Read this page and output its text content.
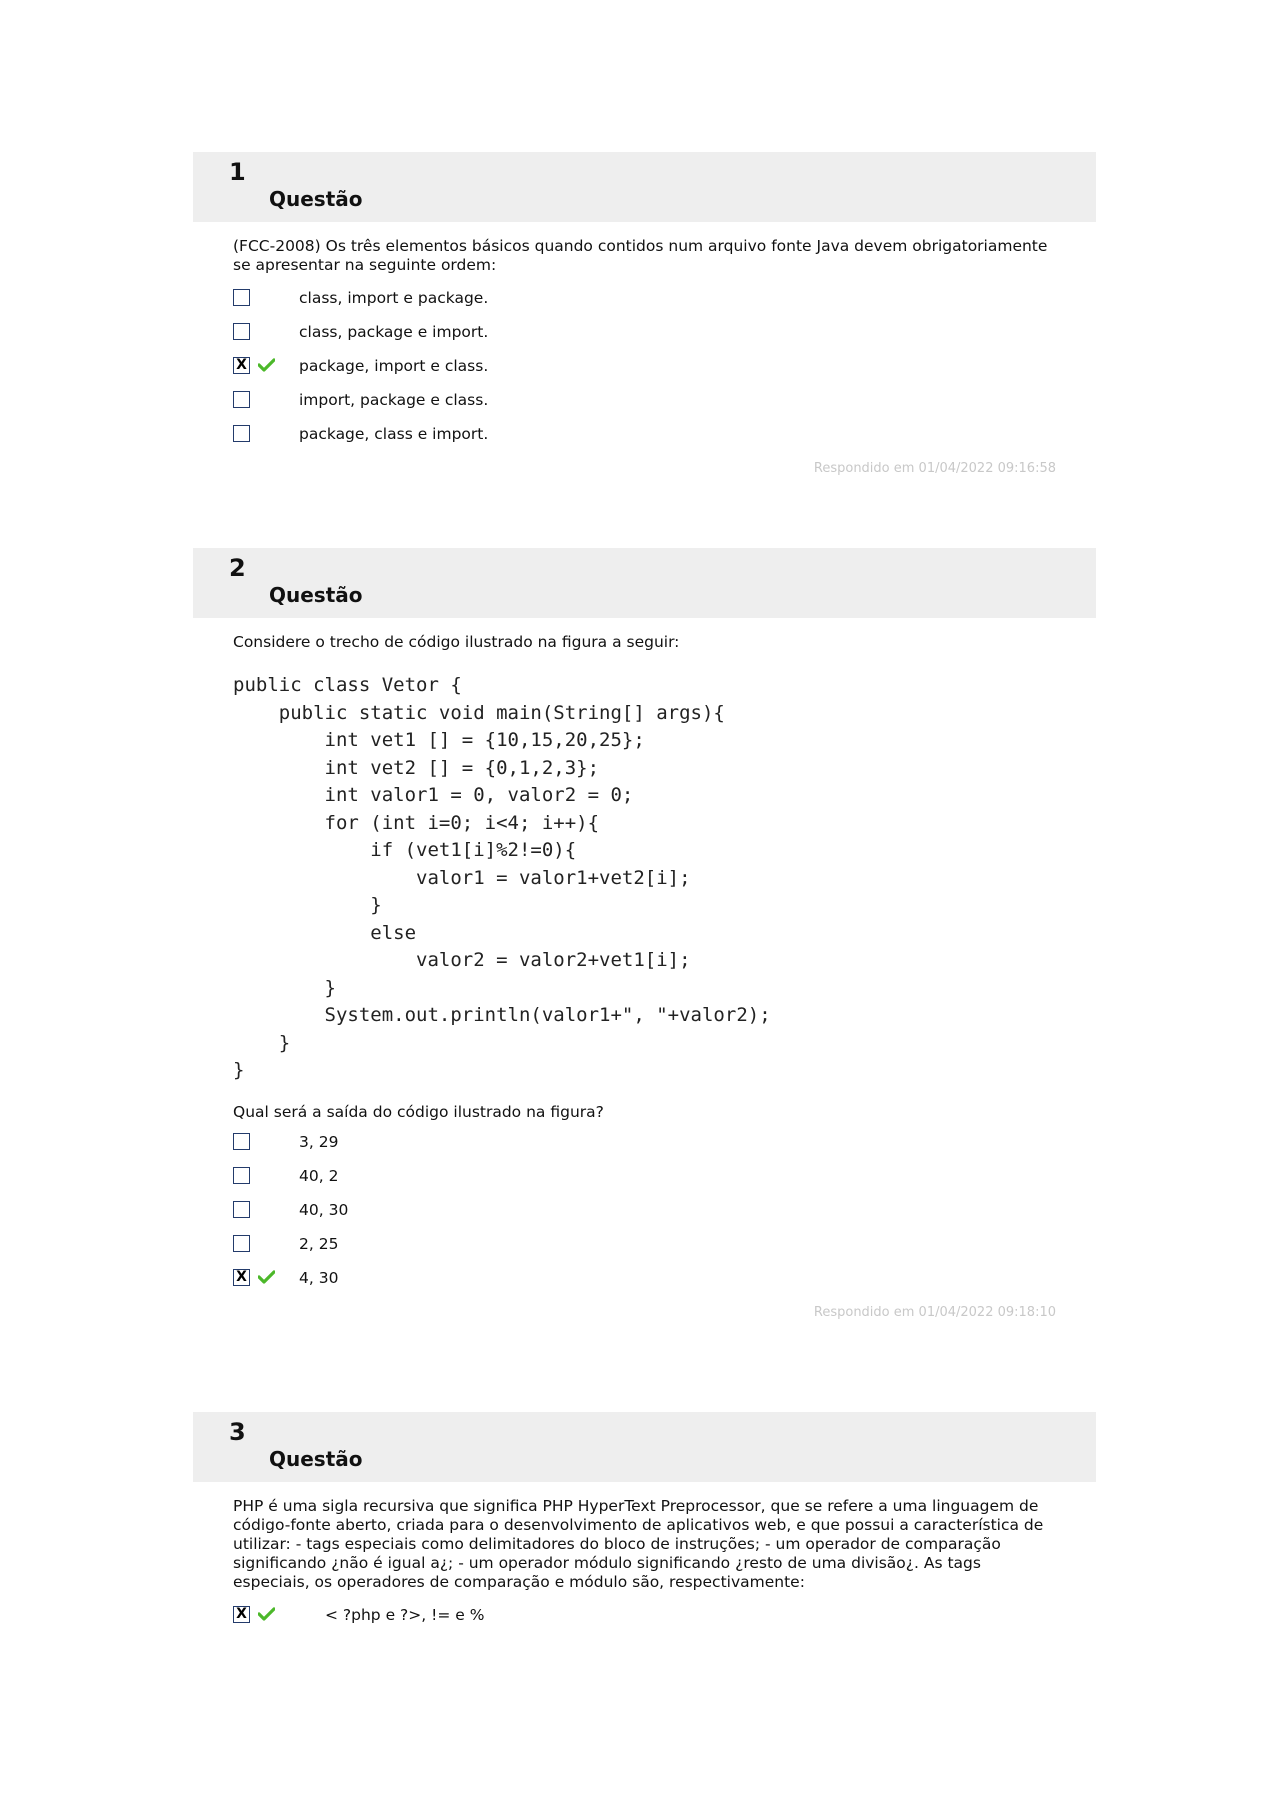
1
Questão
(FCC-2008) Os três elementos básicos quando contidos num arquivo fonte Java devem obrigatoriamente se apresentar na seguinte ordem:
class, import e package.
class, package e import.
X	package, import e class.
import, package e class.
package, class e import.
Respondido em 01/04/2022 09:16:58
2
Questão
Considere o trecho de código ilustrado na figura a seguir:
public class Vetor {
public static void main(String[] args){
int vet1 [] = {10,15,20,25};
int vet2 [] = {0,1,2,3};
int valor1 = 0, valor2 = 0;
for (int i=0; i<4; i++){
if (vet1[i]%2!=0){
valor1 = valor1+vet2[i];
}
else
valor2 = valor2+vet1[i];
}
System.out.println(valor1+", "+valor2);
}
}
Qual será a saída do código ilustrado na figura?
3, 29
40, 2
40, 30
2, 25
X	4, 30
Respondido em 01/04/2022 09:18:10
3
Questão
PHP é uma sigla recursiva que significa PHP HyperText Preprocessor, que se refere a uma linguagem de código-fonte aberto, criada para o desenvolvimento de aplicativos web, e que possui a característica de utilizar: - tags especiais como delimitadores do bloco de instruções; - um operador de comparação significando ¿não é igual a¿; - um operador módulo significando ¿resto de uma divisão¿. As tags especiais, os operadores de comparação e módulo são, respectivamente:
X	< ?php e ?>, != e %
